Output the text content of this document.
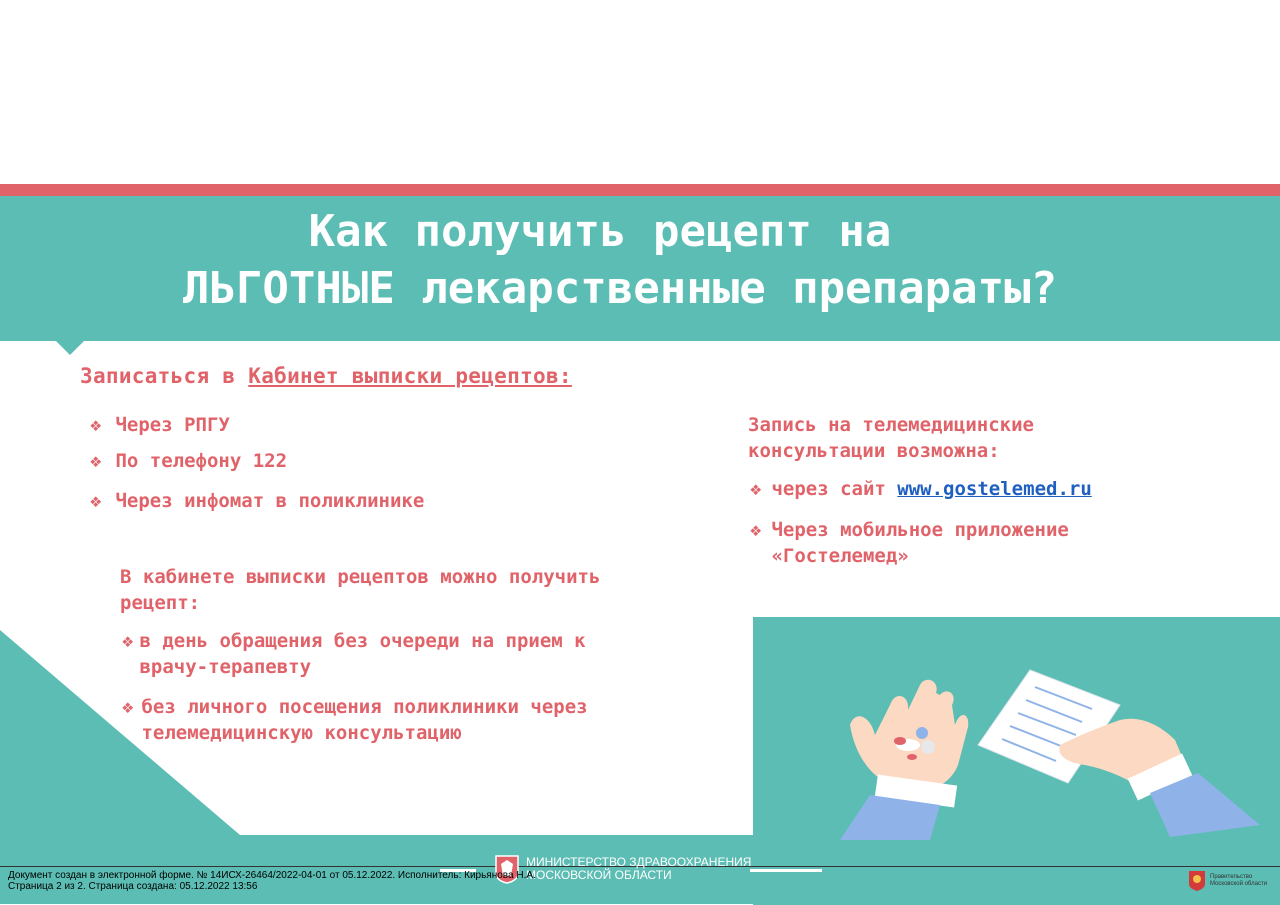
Как получить рецепт на
ЛЬГОТНЫЕ лекарственные препараты?
Записаться в Кабинет выписки рецептов:
❖ Через РПГУ
❖ По телефону 122
❖ Через инфомат в поликлинике
В кабинете выписки рецептов можно получить рецепт:
❖ в день обращения без очереди на прием к врачу-терапевту
❖ без личного посещения поликлиники через телемедицинскую консультацию
Запись на телемедицинские консультации возможна:
❖ через сайт www.gostelemed.ru
❖ Через мобильное приложение «Гостелемед»
МИНИСТЕРСТВО ЗДРАВООХРАНЕНИЯ
МОСКОВСКОЙ ОБЛАСТИ
Документ создан в электронной форме. № 14ИСХ-26464/2022-04-01 от 05.12.2022. Исполнитель: Кирьянова Н.А.
Страница 2 из 2. Страница создана: 05.12.2022 13:56
Правительство
Московской области
